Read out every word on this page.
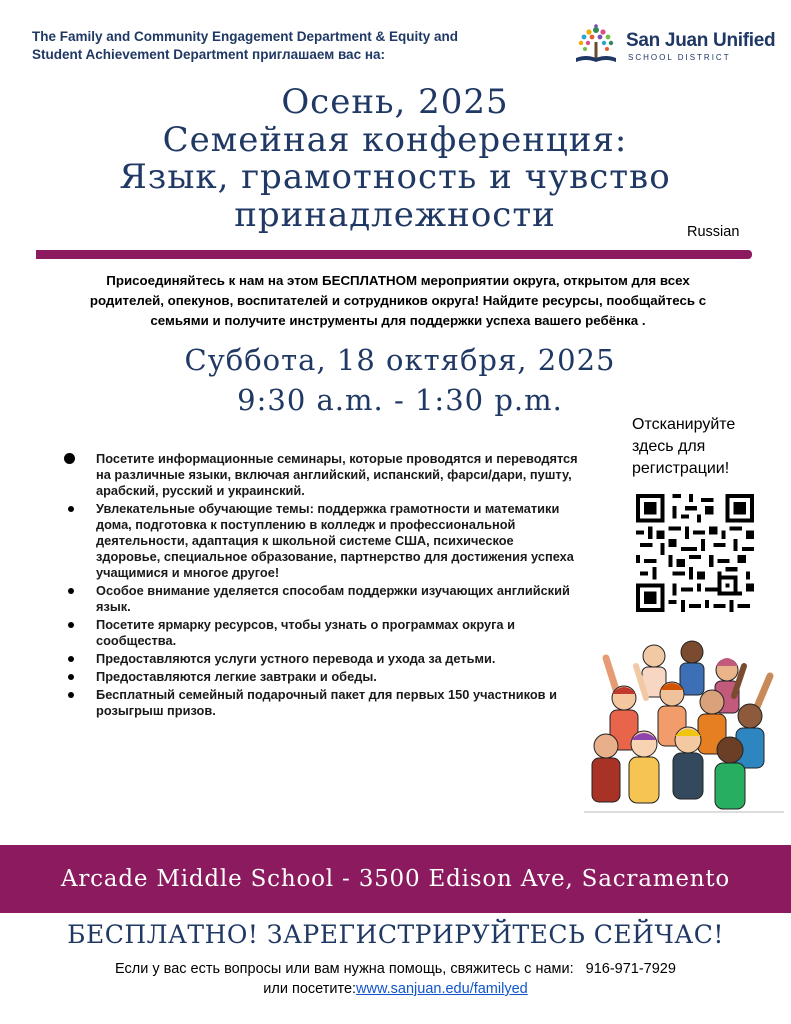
The Family and Community Engagement Department & Equity and
Student Achievement Department приглашаем вас на:
San Juan Unified
SCHOOL DISTRICT
Осень, 2025
Семейная конференция:
Язык, грамотность и чувство
принадлежности	Russian
Присоединяйтесь к нам на этом БЕСПЛАТНОМ мероприятии округа, открытом для всех
родителей, опекунов, воспитателей и сотрудников округа! Найдите ресурсы, пообщайтесь с
семьями и получите инструменты для поддержки успеха вашего ребёнка .
Суббота, 18 октября, 2025
9:30 a.m. - 1:30 p.m.
Отсканируйте
здесь для
регистрации!
Посетите информационные семинары, которые проводятся и переводятся на различные языки, включая английский, испанский, фарси/дари, пушту, арабский, русский и украинский.
Увлекательные обучающие темы: поддержка грамотности и математики дома, подготовка к поступлению в колледж и профессиональной деятельности, адаптация к школьной системе США, психическое здоровье, специальное образование, партнерство для достижения успеха учащимися и многое другое!
Особое внимание уделяется способам поддержки изучающих английский язык.
Посетите ярмарку ресурсов, чтобы узнать о программах округа и сообщества.
Предоставляются услуги устного перевода и ухода за детьми.
Предоставляются легкие завтраки и обеды.
Бесплатный семейный подарочный пакет для первых 150 участников и розыгрыш призов.
Arcade Middle School - 3500 Edison Ave, Sacramento
БЕСПЛАТНО! ЗАРЕГИСТРИРУЙТЕСЬ СЕЙЧАС!
Если у вас есть вопросы или вам нужна помощь, свяжитесь с нами: 916-971-7929
или посетите:www.sanjuan.edu/familyed
